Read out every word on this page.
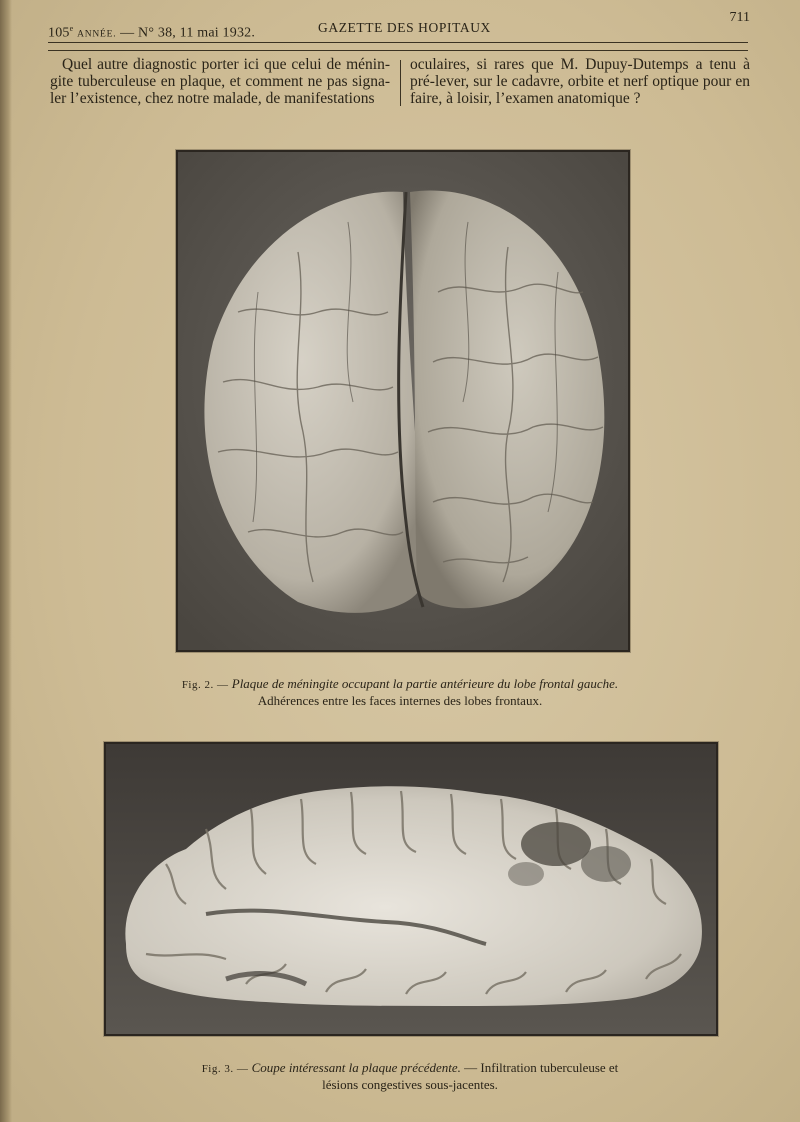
105e ANNÉE. — N° 38, 11 mai 1932.	GAZETTE DES HOPITAUX
711

Quel autre diagnostic porter ici que celui de ménin-gite tuberculeuse en plaque, et comment ne pas signa-ler l’existence, chez notre malade, de manifestations

oculaires, si rares que M. Dupuy-Dutemps a tenu à pré-lever, sur le cadavre, orbite et nerf optique pour en faire, à loisir, l’examen anatomique ?

Fig. 2. — Plaque de méningite occupant la partie antérieure du lobe frontal gauche.
Adhérences entre les faces internes des lobes frontaux.
Fig. 3. — Coupe intéressant la plaque précédente. — Infiltration tuberculeuse et lésions congestives sous-jacentes.
